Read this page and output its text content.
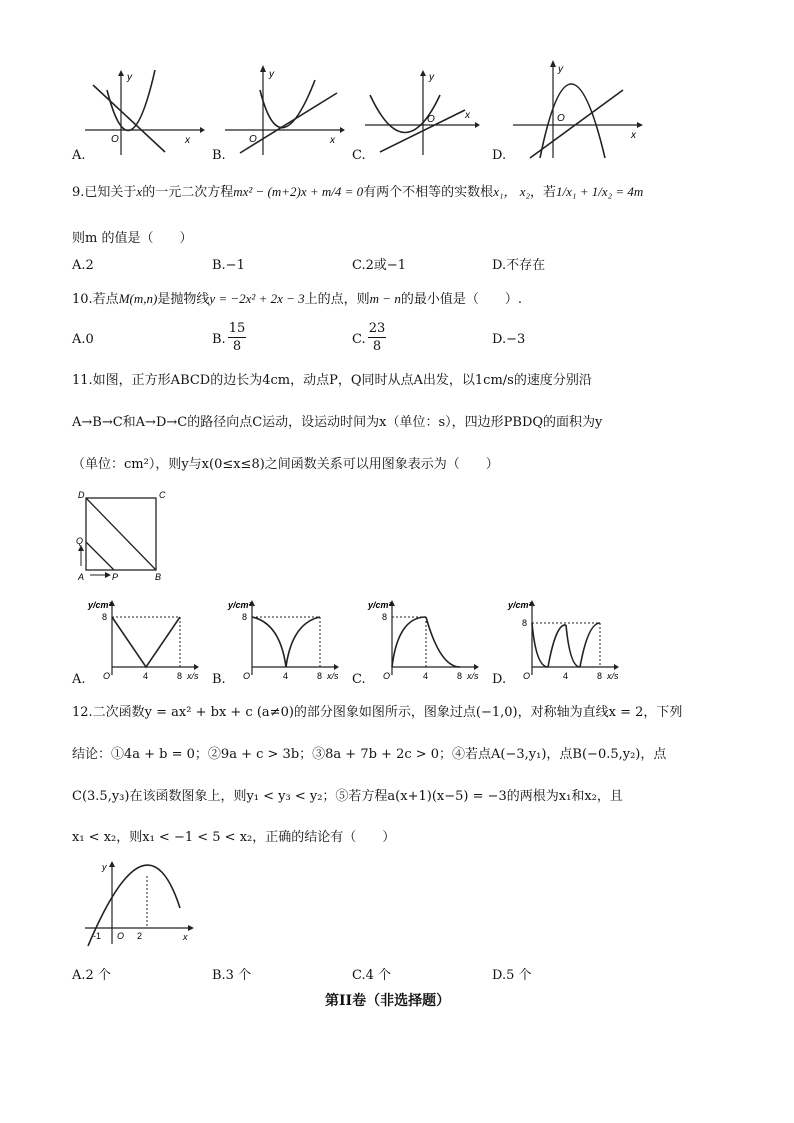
y
x
O
A.
y
x
O
B.
y
x
O
C.
y
x
O
D.
9.已知关于x的一元二次方程mx² − (m+2)x + m/4 = 0有两个不相等的实数根x₁， x₂，若1/x₁ + 1/x₂ = 4m
则m 的值是（　　）
A.2	B.−1	C.2或−1	D.不存在
10.若点M(m,n)是抛物线y = −2x² + 2x − 3上的点，则m − n的最小值是（　　）.
A.0	B. $\frac{15}{8}$	C. $\frac{23}{8}$	D.−3
11.如图，正方形ABCD的边长为4cm，动点P，Q同时从点A出发，以1cm/s的速度分别沿
A→B→C和A→D→C的路径向点C运动，设运动时间为x（单位：s），四边形PBDQ的面积为y
（单位：cm²），则y与x(0≤x≤8)之间函数关系可以用图象表示为（　　）
D	C
Q
A	P	B
y/cm²
8
O	4	8 x/s
A.
y/cm²
8
O	4	8 x/s
B.
y/cm²
8
O	4	8 x/s
C.
y/cm²
8
O	4	8 x/s
D.
12.二次函数y = ax² + bx + c (a≠0)的部分图象如图所示，图象过点(−1,0)，对称轴为直线x = 2，下列
结论：①4a + b = 0；②9a + c > 3b；③8a + 7b + 2c > 0；④若点A(−3,y₁)，点B(−0.5,y₂)，点
C(3.5,y₃)在该函数图象上，则y₁ < y₃ < y₂；⑤若方程a(x+1)(x−5) = −3的两根为x₁和x₂，且
x₁ < x₂，则x₁ < −1 < 5 < x₂，正确的结论有（　　）
y
x
O
-1	2
A.2 个	B.3 个	C.4 个	D.5 个
第II卷（非选择题）
